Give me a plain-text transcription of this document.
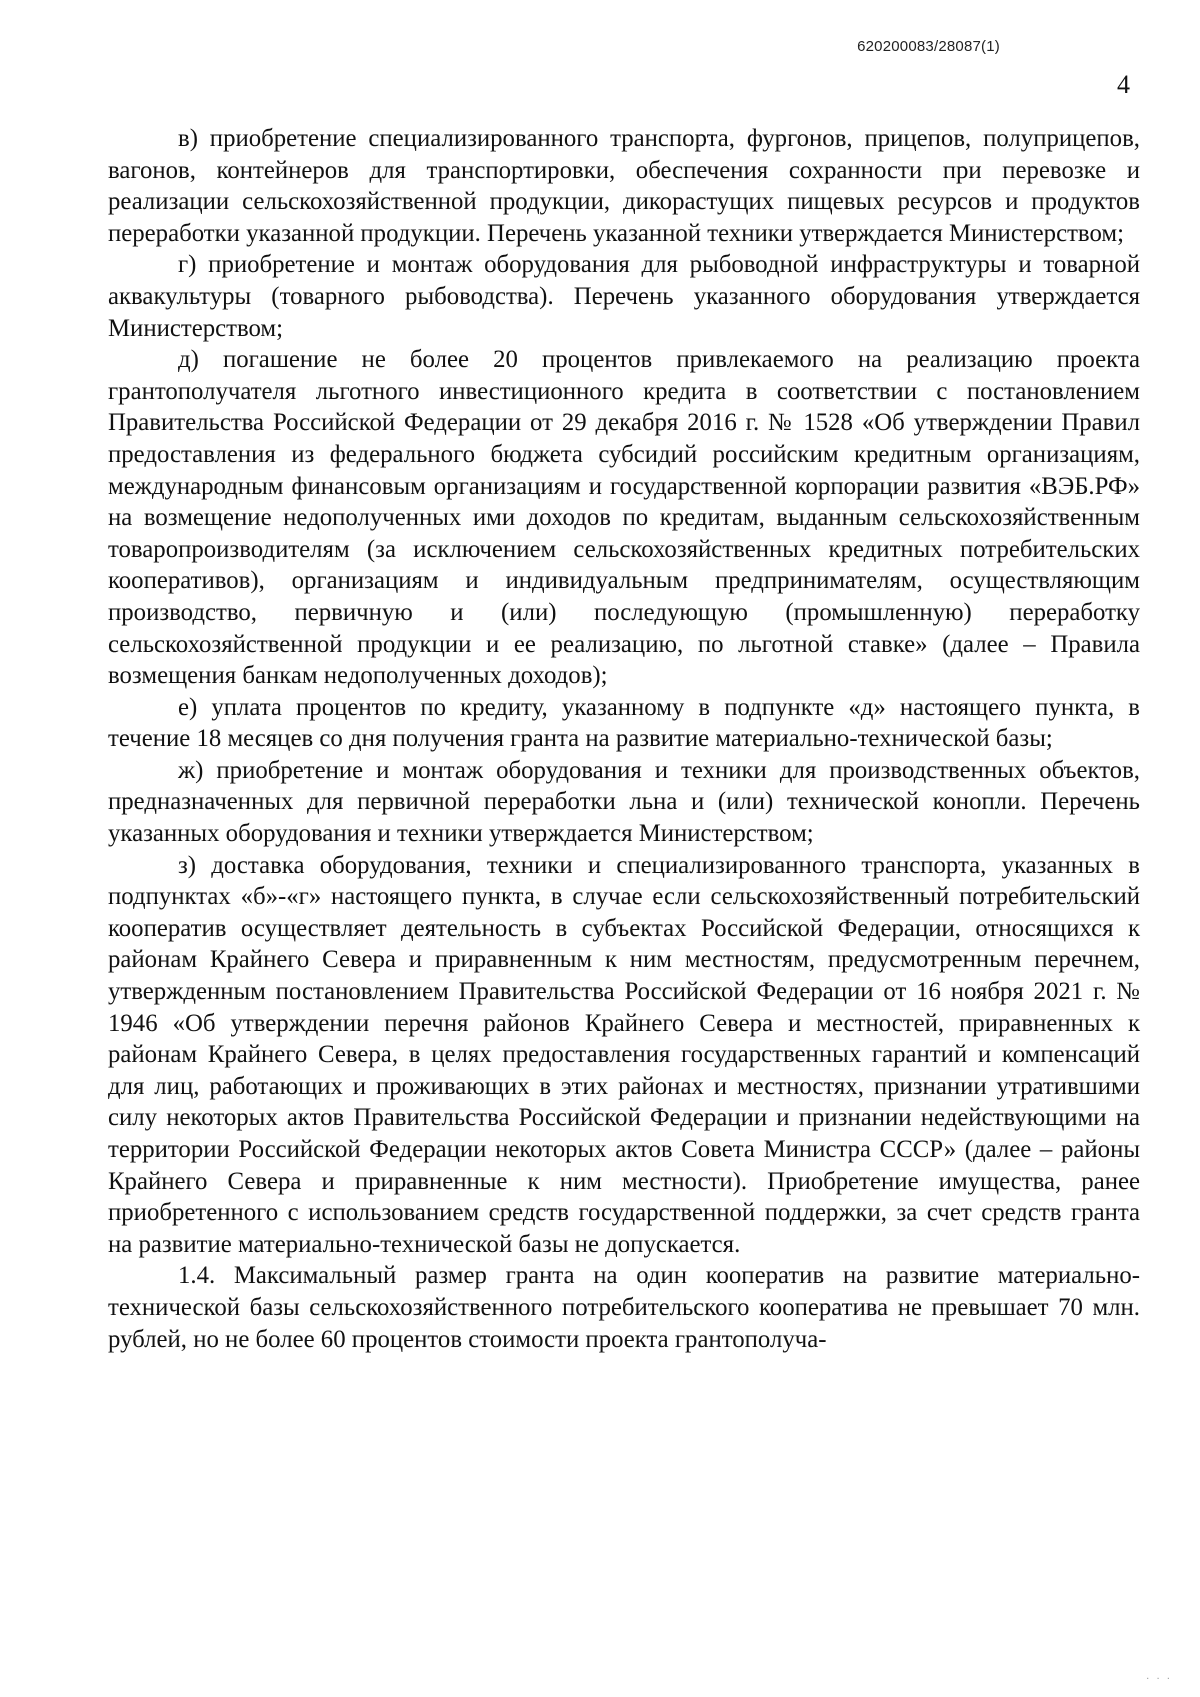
620200083/28087(1)
4

в) приобретение специализированного транспорта, фургонов, прицепов, полуприцепов, вагонов, контейнеров для транспортировки, обеспечения сохранности при перевозке и реализации сельскохозяйственной продукции, дикорастущих пищевых ресурсов и продуктов переработки указанной продукции. Перечень указанной техники утверждается Министерством;

г) приобретение и монтаж оборудования для рыбоводной инфраструктуры и товарной аквакультуры (товарного рыбоводства). Перечень указанного оборудования утверждается Министерством;

д) погашение не более 20 процентов привлекаемого на реализацию проекта грантополучателя льготного инвестиционного кредита в соответствии с постановлением Правительства Российской Федерации от 29 декабря 2016 г. № 1528 «Об утверждении Правил предоставления из федерального бюджета субсидий российским кредитным организациям, международным финансовым организациям и государственной корпорации развития «ВЭБ.РФ» на возмещение недополученных ими доходов по кредитам, выданным сельскохозяйственным товаропроизводителям (за исключением сельскохозяйственных кредитных потребительских кооперативов), организациям и индивидуальным предпринимателям, осуществляющим производство, первичную и (или) последующую (промышленную) переработку сельскохозяйственной продукции и ее реализацию, по льготной ставке» (далее – Правила возмещения банкам недополученных доходов);

е) уплата процентов по кредиту, указанному в подпункте «д» настоящего пункта, в течение 18 месяцев со дня получения гранта на развитие материально-технической базы;

ж) приобретение и монтаж оборудования и техники для производственных объектов, предназначенных для первичной переработки льна и (или) технической конопли. Перечень указанных оборудования и техники утверждается Министерством;

з) доставка оборудования, техники и специализированного транспорта, указанных в подпунктах «б»-«г» настоящего пункта, в случае если сельскохозяйственный потребительский кооператив осуществляет деятельность в субъектах Российской Федерации, относящихся к районам Крайнего Севера и приравненным к ним местностям, предусмотренным перечнем, утвержденным постановлением Правительства Российской Федерации от 16 ноября 2021 г. № 1946 «Об утверждении перечня районов Крайнего Севера и местностей, приравненных к районам Крайнего Севера, в целях предоставления государственных гарантий и компенсаций для лиц, работающих и проживающих в этих районах и местностях, признании утратившими силу некоторых актов Правительства Российской Федерации и признании недействующими на территории Российской Федерации некоторых актов Совета Министра СССР» (далее – районы Крайнего Севера и приравненные к ним местности). Приобретение имущества, ранее приобретенного с использованием средств государственной поддержки, за счет средств гранта на развитие материально-технической базы не допускается.

1.4. Максимальный размер гранта на один кооператив на развитие материально-технической базы сельскохозяйственного потребительского кооператива не превышает 70 млн. рублей, но не более 60 процентов стоимости проекта грантополуча-

· · ·
